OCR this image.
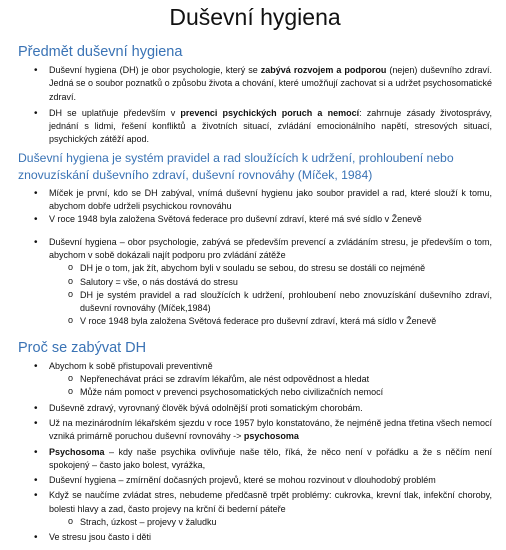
Duševní hygiena
Předmět duševní hygiena
• Duševní hygiena (DH) je obor psychologie, který se zabývá rozvojem a podporou (nejen) duševního zdraví. Jedná se o soubor poznatků o způsobu života a chování, které umožňují zachovat si a udržet psychosomatické zdraví.
• DH se uplatňuje především v prevenci psychických poruch a nemocí: zahrnuje zásady životosprávy, jednání s lidmi, řešení konfliktů a životních situací, zvládání emocionálního napětí, stresových situací, psychických zátěží apod.
Duševní hygiena je systém pravidel a rad sloužících k udržení, prohloubení nebo znovuzískání duševního zdraví, duševní rovnováhy (Míček, 1984)
• Míček je první, kdo se DH zabýval, vnímá duševní hygienu jako soubor pravidel a rad, které slouží k tomu, abychom dobře udrželi psychickou rovnováhu
• V roce 1948 byla založena Světová federace pro duševní zdraví, které má své sídlo v Ženevě
• Duševní hygiena – obor psychologie, zabývá se především prevencí a zvládáním stresu, je především o tom, abychom v sobě dokázali najít podporu pro zvládání zátěže
o DH je o tom, jak žít, abychom byli v souladu se sebou, do stresu se dostáli co nejméně
o Salutory = vše, o nás dostává do stresu
o DH je systém pravidel a rad sloužících k udržení, prohloubení nebo znovuzískání duševního zdraví, duševní rovnováhy (Míček,1984)
o V roce 1948 byla založena Světová federace pro duševní zdraví, která má sídlo v Ženevě
Proč se zabývat DH
• Abychom k sobě přistupovali preventivně
o Nepřenechávat práci se zdravím lékařům, ale nést odpovědnost a hledat
o Může nám pomoct v prevenci psychosomatických nebo civilizačních nemocí
• Duševně zdravý, vyrovnaný člověk bývá odolnější proti somatickým chorobám.
• Už na mezinárodním lékařském sjezdu v roce 1957 bylo konstatováno, že nejméně jedna třetina všech nemocí vzniká primárně poruchou duševní rovnováhy -> psychosoma
• Psychosoma – kdy naše psychika ovlivňuje naše tělo, říká, že něco není v pořádku a že s něčím není spokojený – často jako bolest, vyrážka,
• Duševní hygiena – zmírnění dočasných projevů, které se mohou rozvinout v dlouhodobý problém
• Když se naučíme zvládat stres, nebudeme předčasně trpět problémy: cukrovka, krevní tlak, infekční choroby, bolesti hlavy a zad, často projevy na krční či bederní páteře
o Strach, úzkost – projevy v žaludku
• Ve stresu jsou často i děti
